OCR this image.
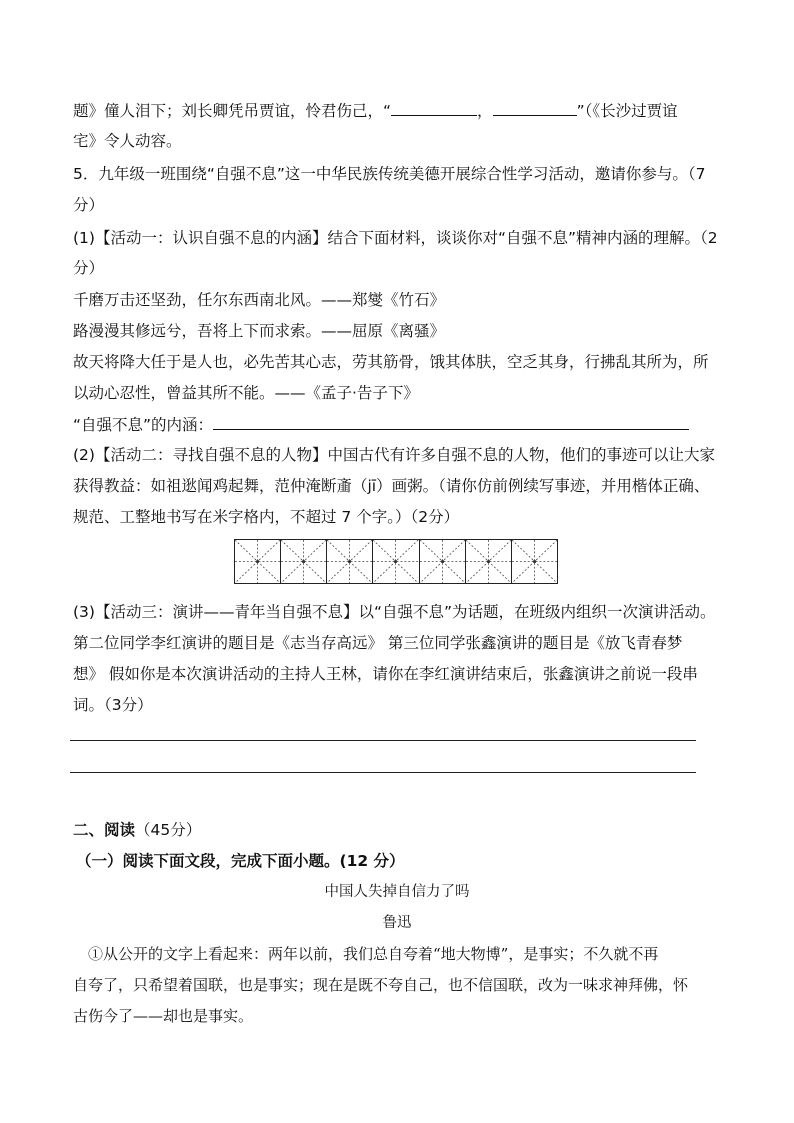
题》僮人泪下；刘长卿凭吊贾谊，怜君伤己，“	，	”（《长沙过贾谊
宅》令人动容。
5．九年级一班围绕“自强不息”这一中华民族传统美德开展综合性学习活动，邀请你参与。（7
分）
(1)【活动一：认识自强不息的内涵】结合下面材料，谈谈你对“自强不息”精神内涵的理解。（2
分）
千磨万击还坚劲，任尔东西南北风。——郑燮《竹石》
路漫漫其修远兮，吾将上下而求索。——屈原《离骚》
故天将降大任于是人也，必先苦其心志，劳其筋骨，饿其体肤，空乏其身，行拂乱其所为，所
以动心忍性，曾益其所不能。——《孟子·告子下》
“自强不息”的内涵：
(2)【活动二：寻找自强不息的人物】中国古代有许多自强不息的人物，他们的事迹可以让大家
获得教益：如祖逖闻鸡起舞，范仲淹断齑（jī）画粥。（请你仿前例续写事迹，并用楷体正确、
规范、工整地书写在米字格内，不超过 7 个字。）（2分）
(3)【活动三：演讲——青年当自强不息】以“自强不息”为话题，在班级内组织一次演讲活动。
第二位同学李红演讲的题目是《志当存高远》 第三位同学张鑫演讲的题目是《放飞青春梦
想》 假如你是本次演讲活动的主持人王林，请你在李红演讲结束后，张鑫演讲之前说一段串
词。（3分）
二、阅读（45分）
（一）阅读下面文段，完成下面小题。(12 分）
中国人失掉自信力了吗
鲁迅
①从公开的文字上看起来：两年以前，我们总自夸着“地大物博”，是事实；不久就不再
自夸了，只希望着国联，也是事实；现在是既不夸自己，也不信国联，改为一味求神拜佛，怀
古伤今了——却也是事实。
